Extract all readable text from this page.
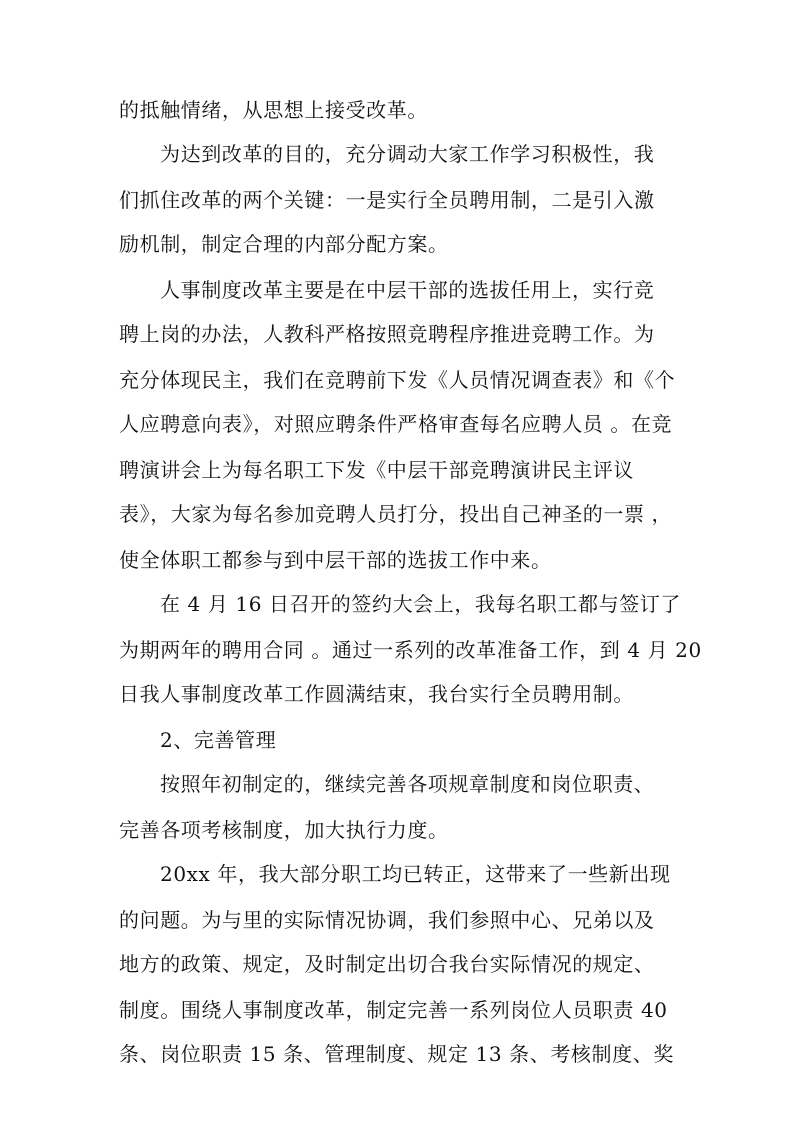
的抵触情绪，从思想上接受改革。
为达到改革的目的，充分调动大家工作学习积极性，我
们抓住改革的两个关键：一是实行全员聘用制，二是引入激
励机制，制定合理的内部分配方案。
人事制度改革主要是在中层干部的选拔任用上，实行竞
聘上岗的办法，人教科严格按照竞聘程序推进竞聘工作。为
充分体现民主，我们在竞聘前下发《人员情况调查表》和《个
人应聘意向表》，对照应聘条件严格审查每名应聘人员 。在竞
聘演讲会上为每名职工下发《中层干部竞聘演讲民主评议
表》，大家为每名参加竞聘人员打分，投出自己神圣的一票 ，
使全体职工都参与到中层干部的选拔工作中来。
在 4 月 16 日召开的签约大会上，我每名职工都与签订了
为期两年的聘用合同 。通过一系列的改革准备工作，到 4 月 20
日我人事制度改革工作圆满结束，我台实行全员聘用制。
2、完善管理
按照年初制定的，继续完善各项规章制度和岗位职责、
完善各项考核制度，加大执行力度。
20xx 年，我大部分职工均已转正，这带来了一些新出现
的问题。为与里的实际情况协调，我们参照中心、兄弟以及
地方的政策、规定，及时制定出切合我台实际情况的规定、
制度。围绕人事制度改革，制定完善一系列岗位人员职责 40
条、岗位职责 15 条、管理制度、规定 13 条、考核制度、奖
